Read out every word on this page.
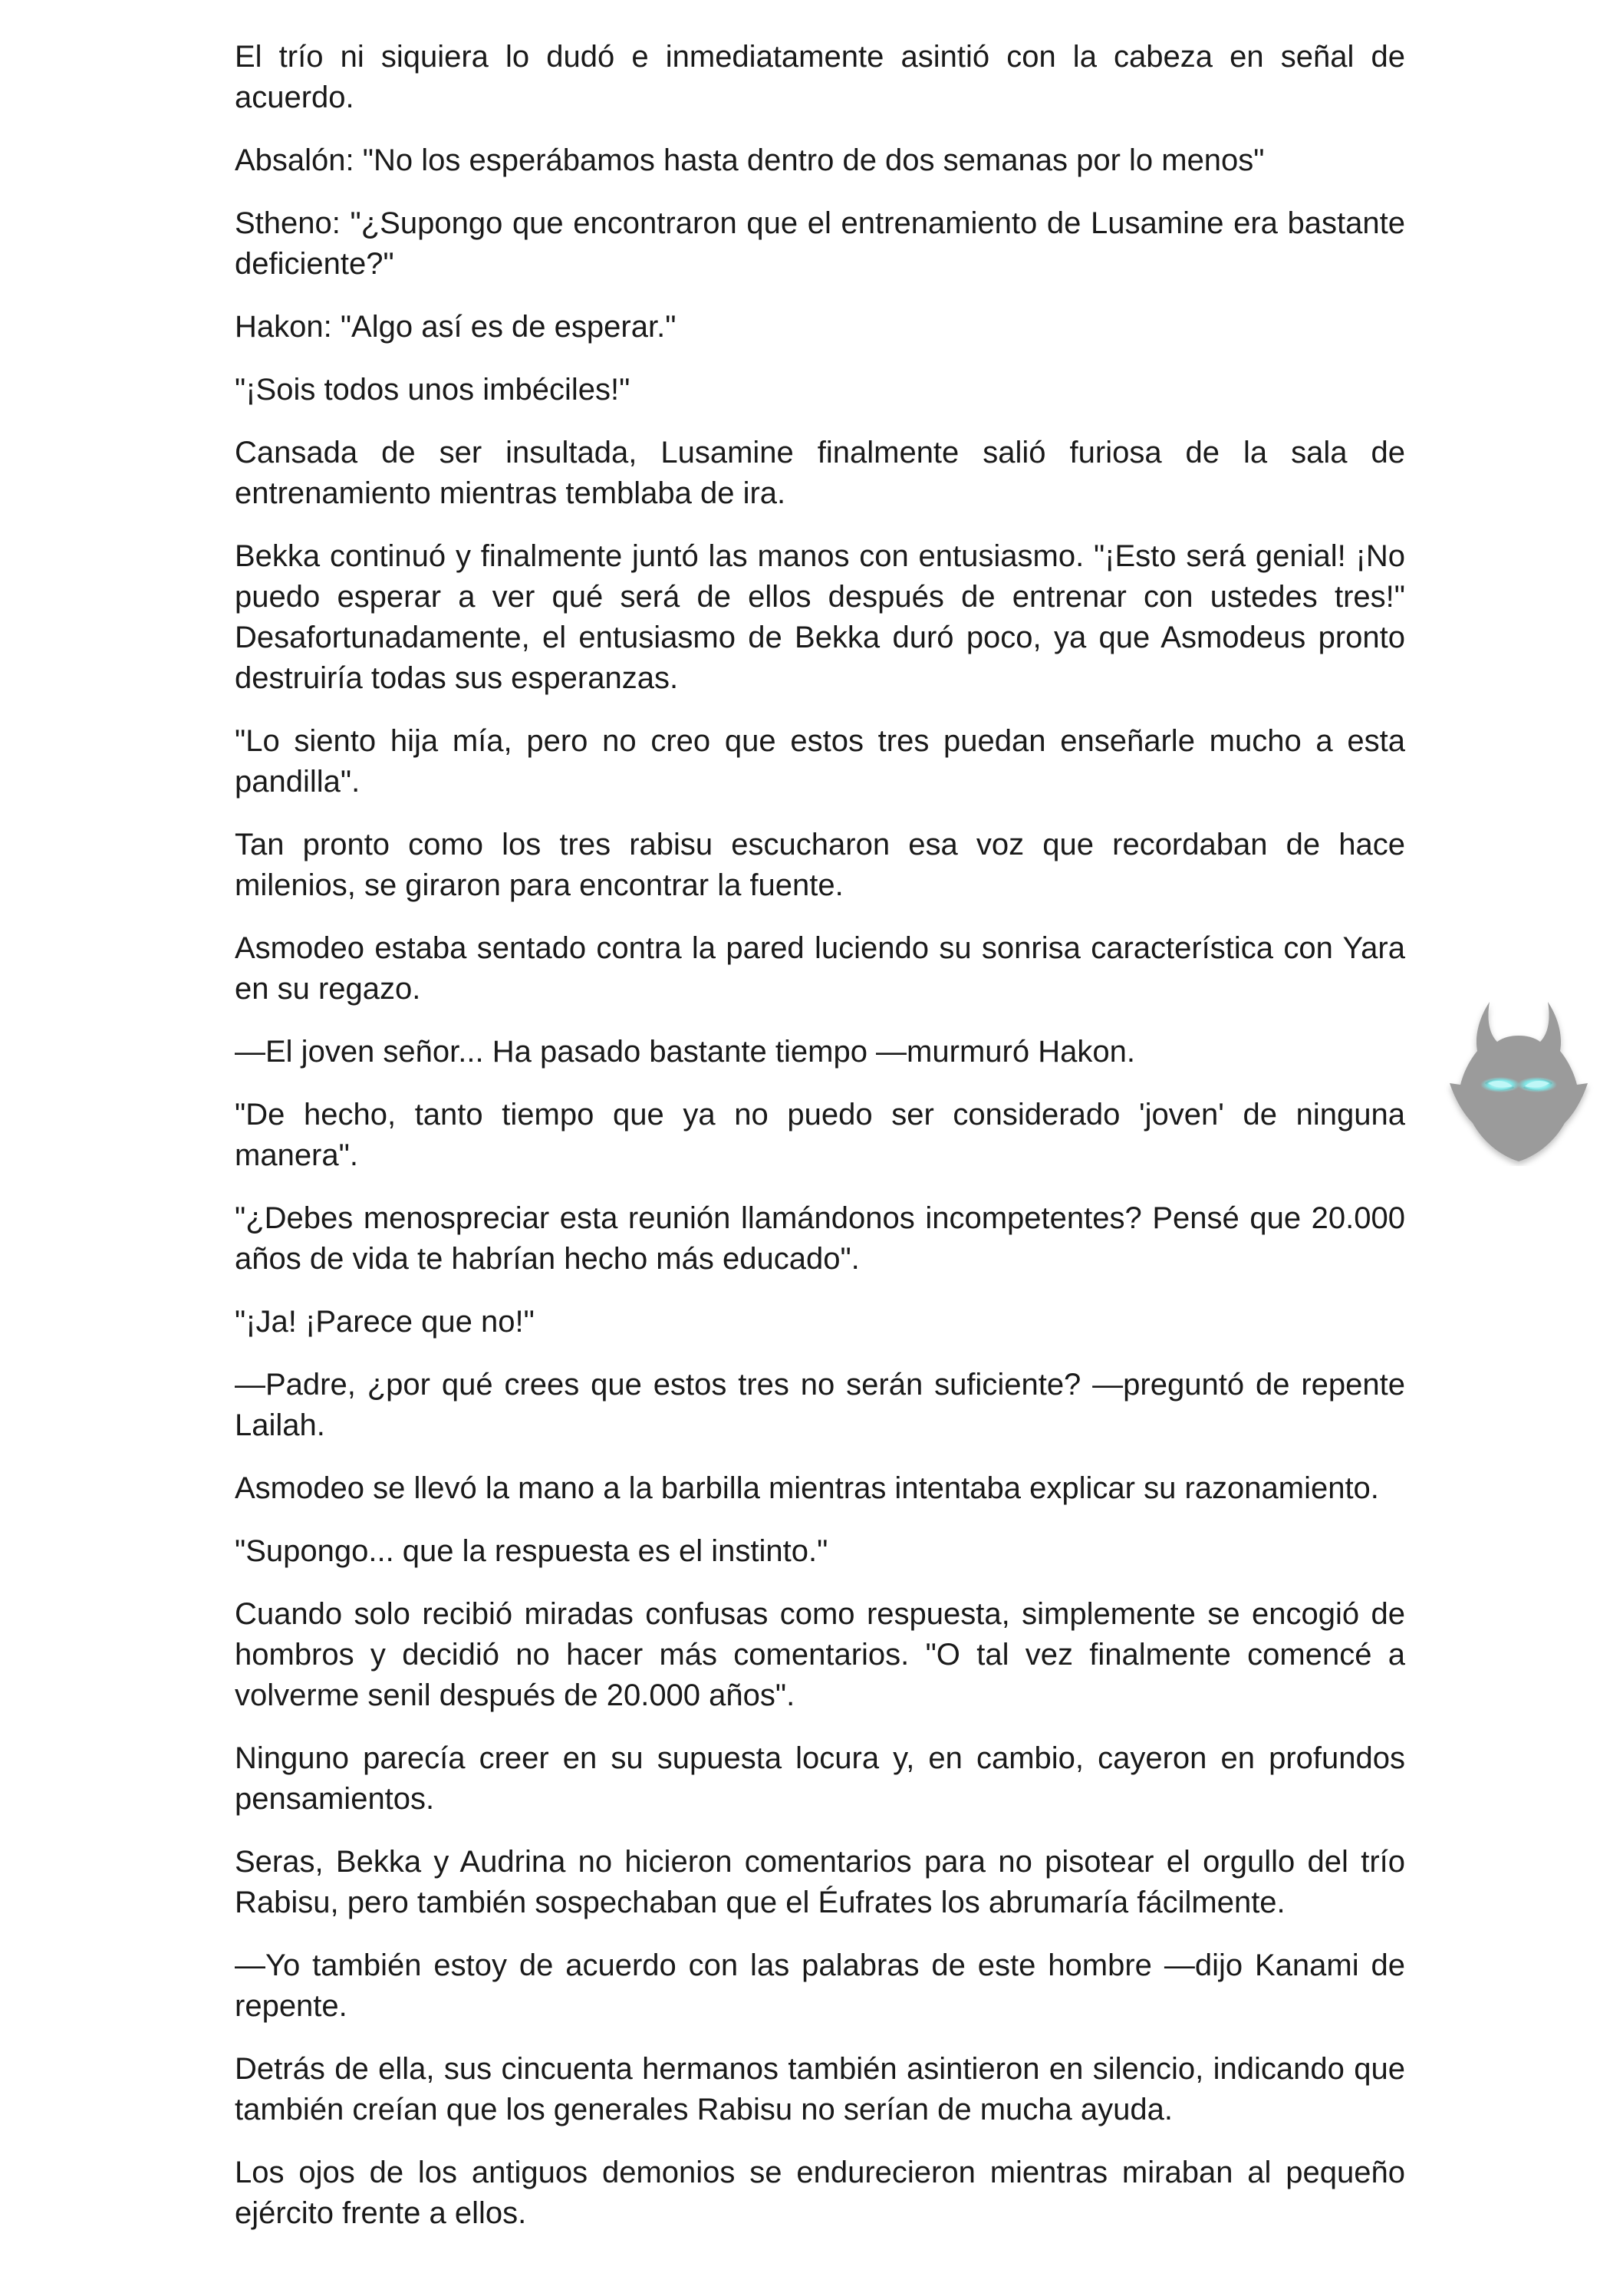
El trío ni siquiera lo dudó e inmediatamente asintió con la cabeza en señal de acuerdo.

Absalón: "No los esperábamos hasta dentro de dos semanas por lo menos"

Stheno: "¿Supongo que encontraron que el entrenamiento de Lusamine era bastante deficiente?"

Hakon: "Algo así es de esperar."

"¡Sois todos unos imbéciles!"

Cansada de ser insultada, Lusamine finalmente salió furiosa de la sala de entrenamiento mientras temblaba de ira.

Bekka continuó y finalmente juntó las manos con entusiasmo. "¡Esto será genial! ¡No puedo esperar a ver qué será de ellos después de entrenar con ustedes tres!" Desafortunadamente, el entusiasmo de Bekka duró poco, ya que Asmodeus pronto destruiría todas sus esperanzas.

"Lo siento hija mía, pero no creo que estos tres puedan enseñarle mucho a esta pandilla".

Tan pronto como los tres rabisu escucharon esa voz que recordaban de hace milenios, se giraron para encontrar la fuente.

Asmodeo estaba sentado contra la pared luciendo su sonrisa característica con Yara en su regazo.

—El joven señor... Ha pasado bastante tiempo —murmuró Hakon.

"De hecho, tanto tiempo que ya no puedo ser considerado 'joven' de ninguna manera".

"¿Debes menospreciar esta reunión llamándonos incompetentes? Pensé que 20.000 años de vida te habrían hecho más educado".

"¡Ja! ¡Parece que no!"

—Padre, ¿por qué crees que estos tres no serán suficiente? —preguntó de repente Lailah.

Asmodeo se llevó la mano a la barbilla mientras intentaba explicar su razonamiento.

"Supongo... que la respuesta es el instinto."

Cuando solo recibió miradas confusas como respuesta, simplemente se encogió de hombros y decidió no hacer más comentarios. "O tal vez finalmente comencé a volverme senil después de 20.000 años".

Ninguno parecía creer en su supuesta locura y, en cambio, cayeron en profundos pensamientos.

Seras, Bekka y Audrina no hicieron comentarios para no pisotear el orgullo del trío Rabisu, pero también sospechaban que el Éufrates los abrumaría fácilmente.

—Yo también estoy de acuerdo con las palabras de este hombre —dijo Kanami de repente.

Detrás de ella, sus cincuenta hermanos también asintieron en silencio, indicando que también creían que los generales Rabisu no serían de mucha ayuda.

Los ojos de los antiguos demonios se endurecieron mientras miraban al pequeño ejército frente a ellos.
